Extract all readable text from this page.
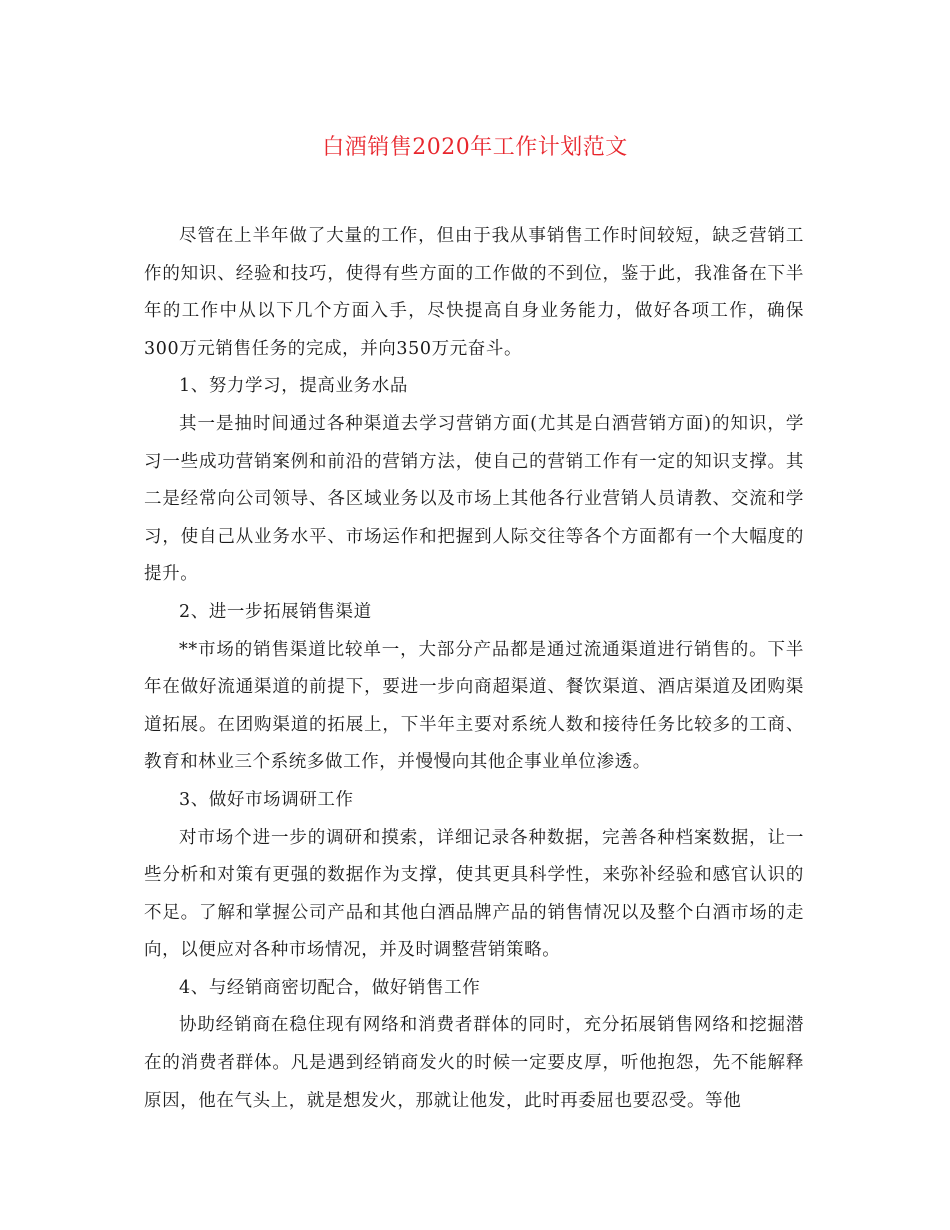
白酒销售2020年工作计划范文

尽管在上半年做了大量的工作，但由于我从事销售工作时间较短，缺乏营销工作的知识、经验和技巧，使得有些方面的工作做的不到位，鉴于此，我准备在下半年的工作中从以下几个方面入手，尽快提高自身业务能力，做好各项工作，确保300万元销售任务的完成，并向350万元奋斗。

1、努力学习，提高业务水品

其一是抽时间通过各种渠道去学习营销方面(尤其是白酒营销方面)的知识，学习一些成功营销案例和前沿的营销方法，使自己的营销工作有一定的知识支撑。其二是经常向公司领导、各区域业务以及市场上其他各行业营销人员请教、交流和学习，使自己从业务水平、市场运作和把握到人际交往等各个方面都有一个大幅度的提升。

2、进一步拓展销售渠道

**市场的销售渠道比较单一，大部分产品都是通过流通渠道进行销售的。下半年在做好流通渠道的前提下，要进一步向商超渠道、餐饮渠道、酒店渠道及团购渠道拓展。在团购渠道的拓展上，下半年主要对系统人数和接待任务比较多的工商、教育和林业三个系统多做工作，并慢慢向其他企事业单位渗透。

3、做好市场调研工作

对市场个进一步的调研和摸索，详细记录各种数据，完善各种档案数据，让一些分析和对策有更强的数据作为支撑，使其更具科学性，来弥补经验和感官认识的不足。了解和掌握公司产品和其他白酒品牌产品的销售情况以及整个白酒市场的走向，以便应对各种市场情况，并及时调整营销策略。

4、与经销商密切配合，做好销售工作

协助经销商在稳住现有网络和消费者群体的同时，充分拓展销售网络和挖掘潜在的消费者群体。凡是遇到经销商发火的时候一定要皮厚，听他抱怨，先不能解释原因，他在气头上，就是想发火，那就让他发，此时再委屈也要忍受。等他
